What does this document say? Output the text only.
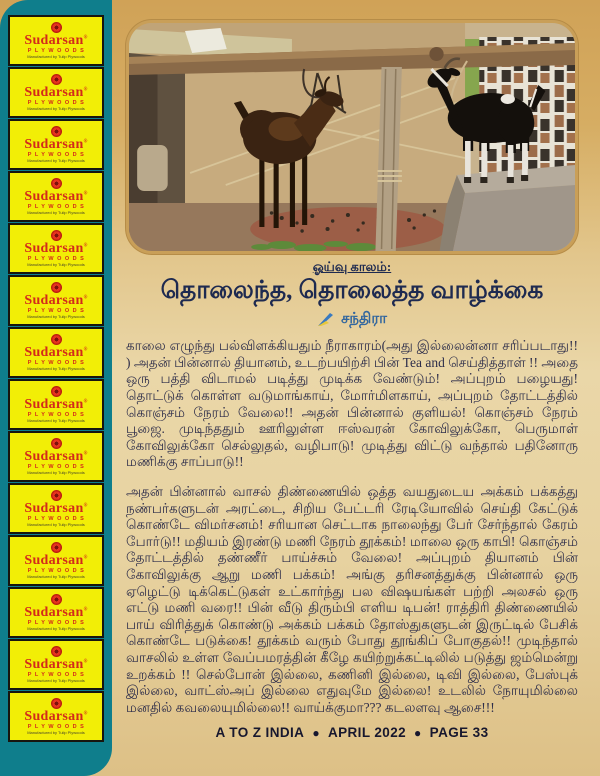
Sudarsan®
PLYWOODS
Manufactured by Tulip Plywoods
Sudarsan®
PLYWOODS
Manufactured by Tulip Plywoods
Sudarsan®
PLYWOODS
Manufactured by Tulip Plywoods
Sudarsan®
PLYWOODS
Manufactured by Tulip Plywoods
Sudarsan®
PLYWOODS
Manufactured by Tulip Plywoods
Sudarsan®
PLYWOODS
Manufactured by Tulip Plywoods
Sudarsan®
PLYWOODS
Manufactured by Tulip Plywoods
Sudarsan®
PLYWOODS
Manufactured by Tulip Plywoods
Sudarsan®
PLYWOODS
Manufactured by Tulip Plywoods
Sudarsan®
PLYWOODS
Manufactured by Tulip Plywoods
Sudarsan®
PLYWOODS
Manufactured by Tulip Plywoods
Sudarsan®
PLYWOODS
Manufactured by Tulip Plywoods
Sudarsan®
PLYWOODS
Manufactured by Tulip Plywoods
Sudarsan®
PLYWOODS
Manufactured by Tulip Plywoods
ஓய்வு காலம்:
தொலைந்த, தொலைத்த வாழ்க்கை
சந்திரா

காலை எழுந்து பல்விளக்கியதும் நீராகாரம்(அது இல்லைன்னா சரிப்படாது!! ) அதன் பின்னால் தியானம், உடற்பயிற்சி பின் Tea and செய்தித்தாள் !! அதை ஒரு பத்தி விடாமல் படித்து முடிக்க வேண்டும்! அப்புறம் பழையது! தொட்டுக் கொள்ள வடுமாங்காய், மோர்மிளகாய், அப்புறம் தோட்டத்தில் கொஞ்சம் நேரம் வேலை!! அதன் பின்னால் குளியல்! கொஞ்சம் நேரம் பூஜை. முடிந்ததும் ஊரிலுள்ள ஈஸ்வரன் கோவிலுக்கோ, பெருமாள் கோவிலுக்கோ செல்லுதல், வழிபாடு! முடித்து விட்டு வந்தால் பதினோரு மணிக்கு சாப்பாடு!!

அதன் பின்னால் வாசல் திண்ணையில் ஒத்த வயதுடைய அக்கம் பக்கத்து நண்பர்களுடன் அரட்டை, சிறிய பேட்டரி ரேடியோவில் செய்தி கேட்டுக் கொண்டே விமர்சனம்! சரியான செட்டாக நாலைந்து பேர் சேர்ந்தால் கேரம் போர்டு!! மதியம் இரண்டு மணி நேரம் தூக்கம்! மாலை ஒரு காபி! கொஞ்சம் தோட்டத்தில் தண்ணீர் பாய்ச்சும் வேலை! அப்புறம் தியானம் பின் கோவிலுக்கு ஆறு மணி பக்கம்! அங்கு தரிசனத்துக்கு பின்னால் ஒரு ஏழெட்டு டிக்கெட்டுகள் உட்கார்ந்து பல விஷயங்கள் பற்றி அலசல் ஒரு எட்டு மணி வரை!! பின் வீடு திரும்பி எளிய டிபன்! ராத்திரி திண்ணையில் பாய் விரித்துக் கொண்டு அக்கம் பக்கம் தோஸ்துகளுடன் இருட்டில் பேசிக் கொண்டே படுக்கை! தூக்கம் வரும் போது தூங்கிப் போகுதல்!! முடிந்தால் வாசலில் உள்ள வேப்பமரத்தின் கீழே கயிற்றுக்கட்டிலில் படுத்து ஜம்மென்று உறக்கம் !! செல்போன் இல்லை, கணினி இல்லை, டிவி இல்லை, பேஸ்புக் இல்லை, வாட்ஸ்அப் இல்லை எதுவுமே இல்லை! உடலில் நோயுமில்லை மனதில் கவலையுமில்லை!! வாய்க்குமா??? கடலளவு ஆசை!!!

A TO Z INDIA ● APRIL 2022 ● PAGE 33
